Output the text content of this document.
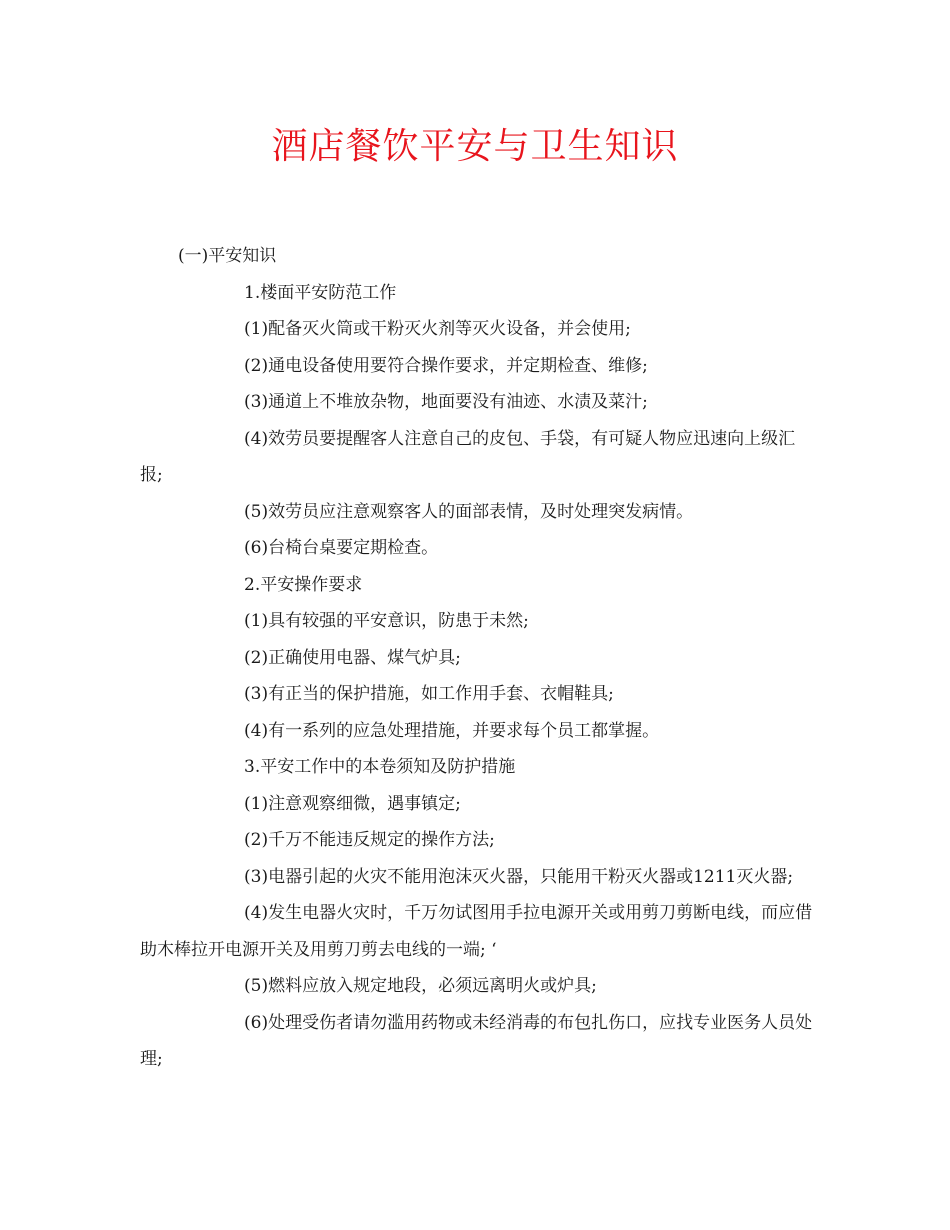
酒店餐饮平安与卫生知识

(一)平安知识

1.楼面平安防范工作

(1)配备灭火筒或干粉灭火剂等灭火设备，并会使用;

(2)通电设备使用要符合操作要求，并定期检查、维修;

(3)通道上不堆放杂物，地面要没有油迹、水渍及菜汁;

(4)效劳员要提醒客人注意自己的皮包、手袋，有可疑人物应迅速向上级汇报;

(5)效劳员应注意观察客人的面部表情，及时处理突发病情。

(6)台椅台桌要定期检查。

2.平安操作要求

(1)具有较强的平安意识，防患于未然;

(2)正确使用电器、煤气炉具;

(3)有正当的保护措施，如工作用手套、衣帽鞋具;

(4)有一系列的应急处理措施，并要求每个员工都掌握。

3.平安工作中的本卷须知及防护措施

(1)注意观察细微，遇事镇定;

(2)千万不能违反规定的操作方法;

(3)电器引起的火灾不能用泡沫灭火器，只能用干粉灭火器或1211灭火器;

(4)发生电器火灾时，千万勿试图用手拉电源开关或用剪刀剪断电线，而应借助木棒拉开电源开关及用剪刀剪去电线的一端; ‘

(5)燃料应放入规定地段，必须远离明火或炉具;

(6)处理受伤者请勿滥用药物或未经消毒的布包扎伤口，应找专业医务人员处理;
